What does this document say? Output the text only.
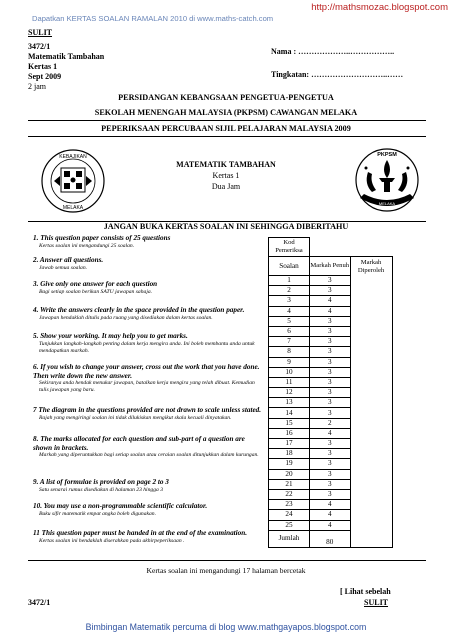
http://mathsmozac.blogspot.com
Dapatkan KERTAS SOALAN RAMALAN 2010 di www.maths-catch.com
SULIT
3472/1
Matematik Tambahan
Kertas 1
Sept 2009
2 jam
Nama : ………………..……………..
Tingkatan: ………………………..……
PERSIDANGAN KEBANGSAAN PENGETUA-PENGETUA
SEKOLAH MENENGAH MALAYSIA (PKPSM) CAWANGAN MELAKA
PEPERIKSAAN PERCUBAAN SIJIL PELAJARAN MALAYSIA 2009
KEBAJIKAN
MELAKA
MATEMATIK TAMBAHAN
Kertas 1
Dua Jam
PKPSM
MELAKA
JANGAN BUKA KERTAS SOALAN INI SEHINGGA DIBERITAHU
1. This question paper consists of 25 questions
Kertas soalan ini mengandungi 25 soalan.
2. Answer all questions.
Jawab semua soalan.
3. Give only one answer for each question
Bagi setiap soalan berikan SATU jawapan sahaja.
4. Write the answers clearly in the space provided in the question paper.
Jawapan hendaklah ditulis pada ruang yang disediakan dalam kertas soalan.
5. Show your working. It may help you to get marks.
Tunjukkan langkah-langkah penting dalam kerja mengira anda. Ini boleh membantu anda untuk mendapatkan markah.
6. If you wish to change your answer, cross out the work that you have done. Then write down the new answer.
Sekiranya anda hendak menukar jawapan, batalkan kerja mengira yang telah dibuat. Kemudian tulis jawapan yang baru.
7 The diagram in the questions provided are not drawn to scale unless stated.
Rajah yang mengiringi soalan ini tidak dilukiskan mengikut skala kecuali dinyatakan.
8. The marks allocated for each question and sub-part of a question are shown in brackets.
Markah yang diperuntukkan bagi setiap soalan atau ceraian soalan ditunjukkan dalam kurungan.
9. A list of formulae is provided on page 2 to 3
Satu senarai rumus disediakan di halaman 23 hingga 3
10. You may use a non-programmable scientific calculator.
Buku sifir matematik empat angka boleh digunakan.
11 This question paper must be handed in at the end of the examination.
Kertas soalan ini hendaklah diserahkan pada akhirpeperiksaan .
Kod Pemeriksa		
Soalan	Markah Penuh	Markah Diperoleh
1	3	
2	3	
3	4	
4	4	
5	3	
6	3	
7	3	
8	3	
9	3	
10	3	
11	3	
12	3	
13	3	
14	3	
15	2	
16	4	
17	3	
18	3	
19	3	
20	3	
21	3	
22	3	
23	4	
24	4	
25	4	
Jumlah	80	
Kertas soalan ini mengandungi 17 halaman bercetak
[ Lihat sebelah
3472/1	SULIT
Bimbingan Matematik percuma di blog www.mathgayapos.blogspot.com
